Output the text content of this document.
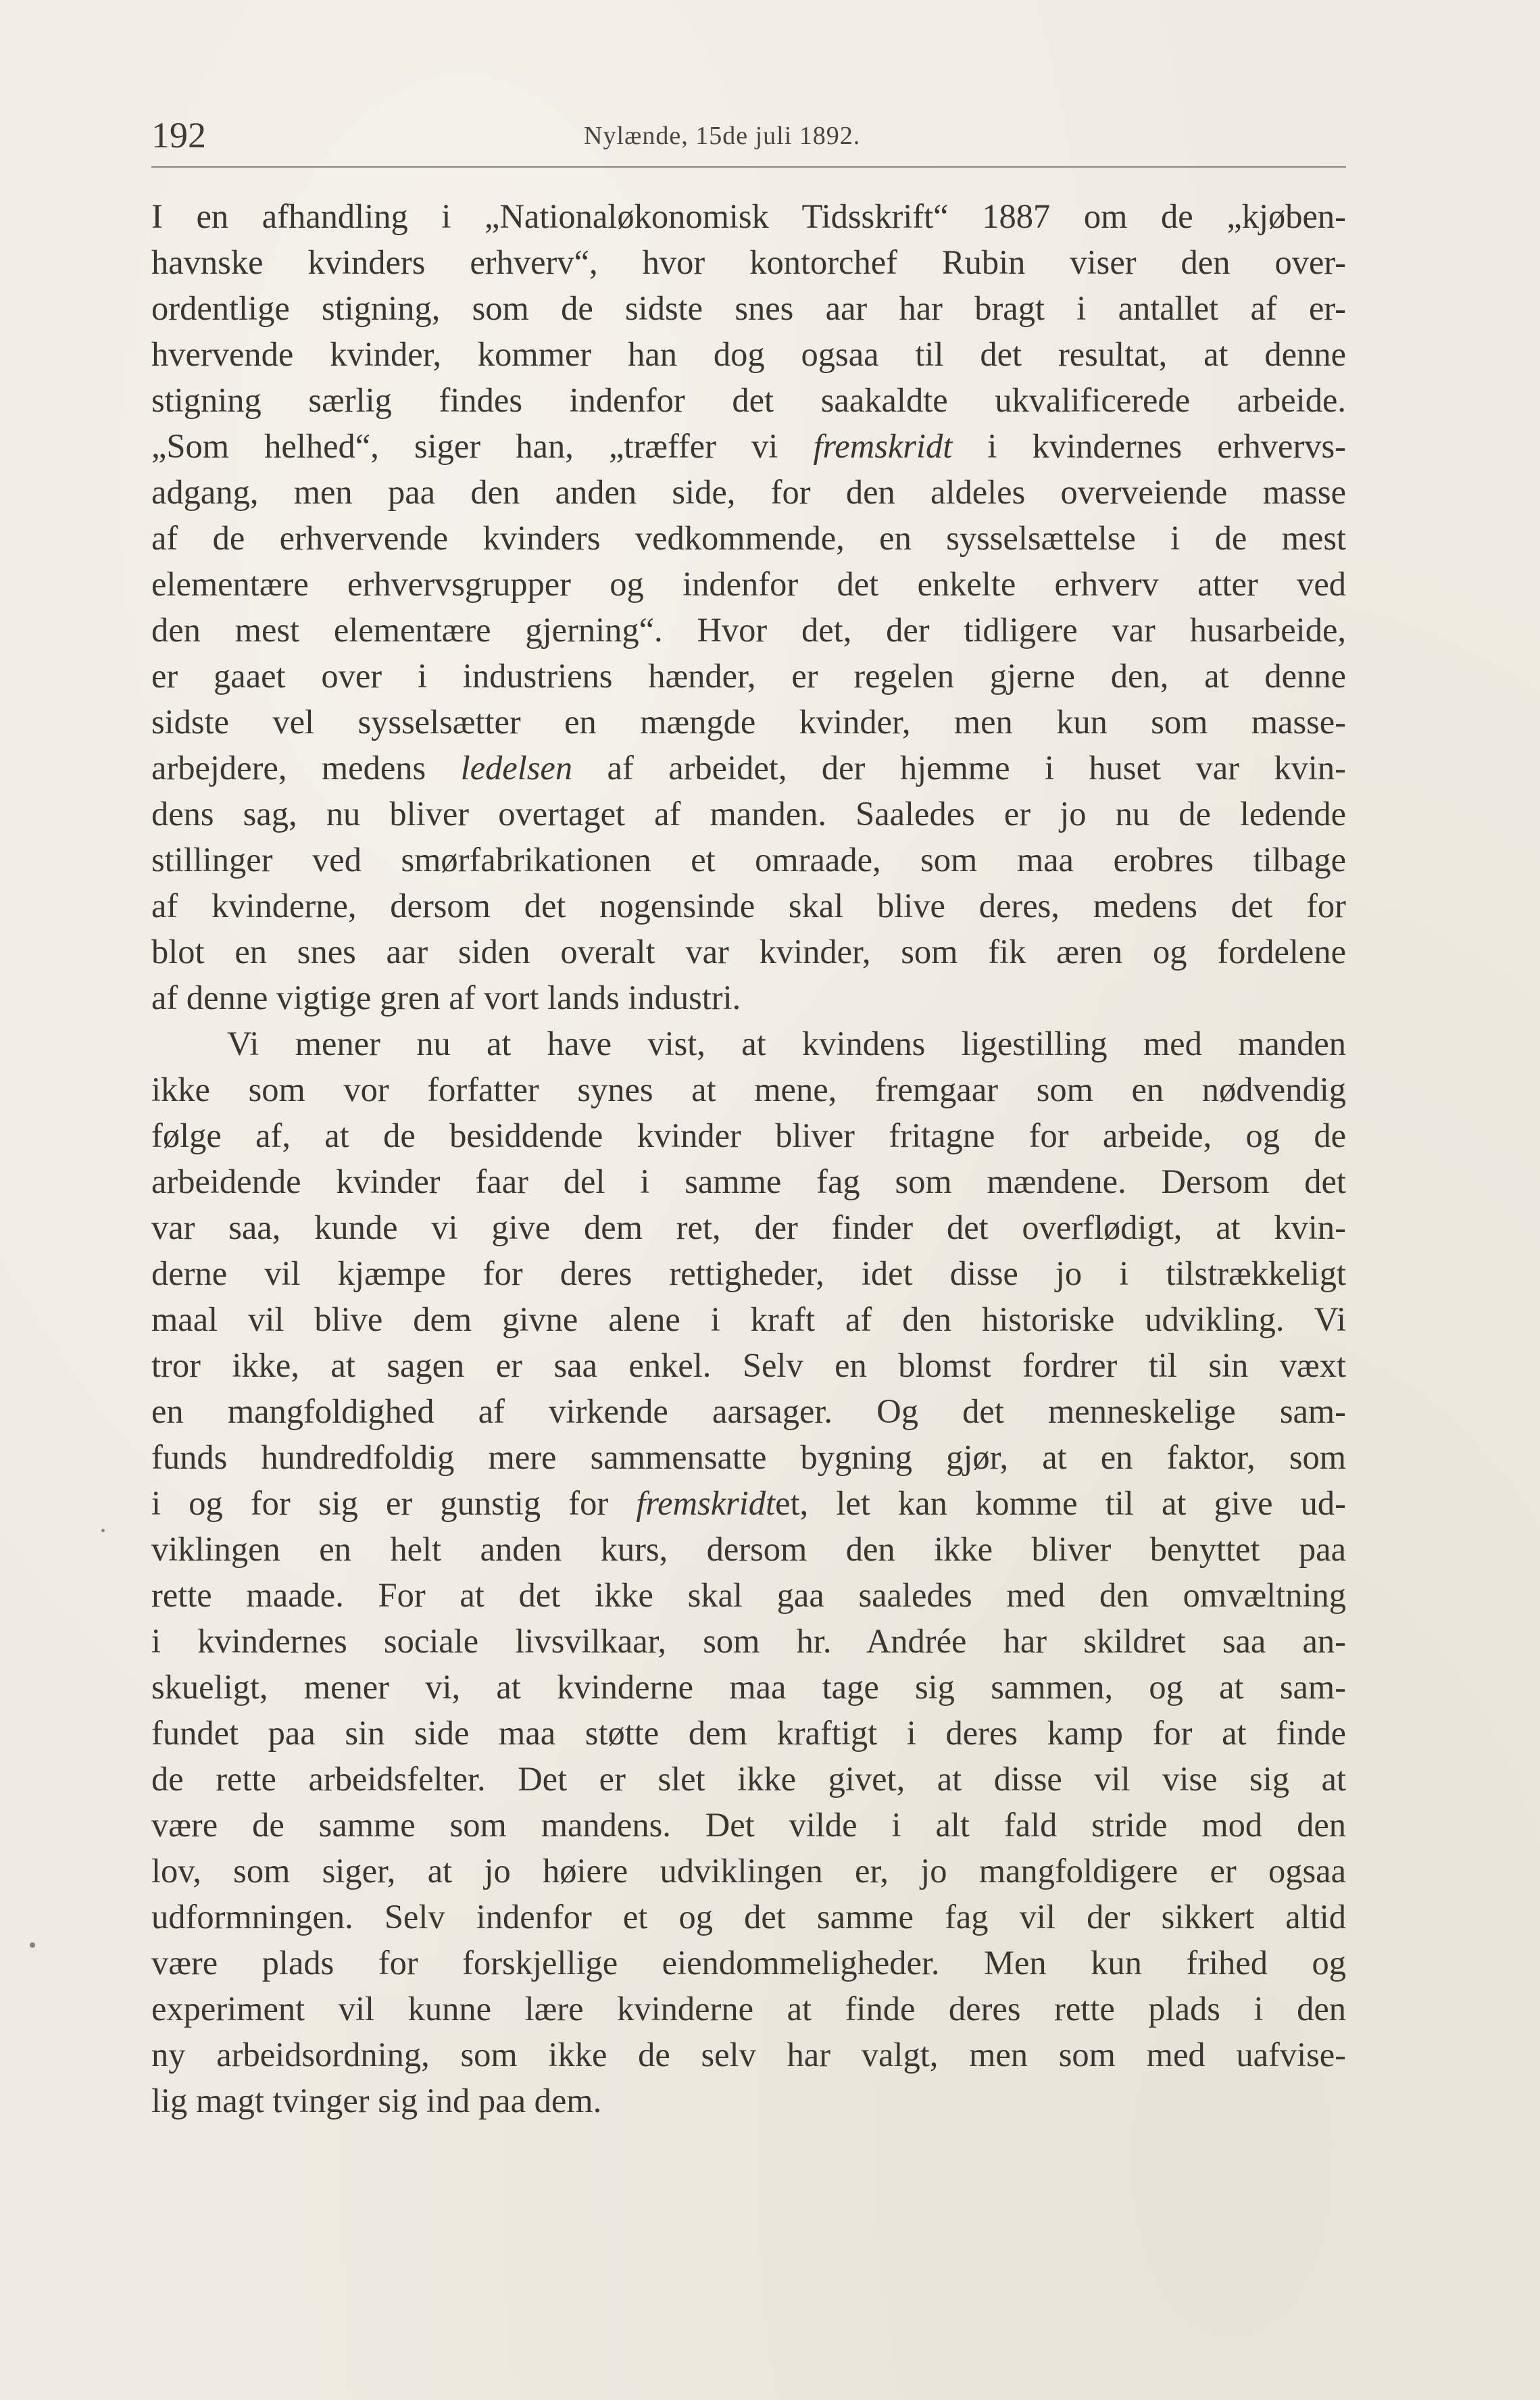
192	Nylænde, 15de juli 1892.
I en afhandling i „Nationaløkonomisk Tidsskrift“ 1887 om de „kjøben-
havnske kvinders erhverv“, hvor kontorchef Rubin viser den over-
ordentlige stigning, som de sidste snes aar har bragt i antallet af er-
hvervende kvinder, kommer han dog ogsaa til det resultat, at denne
stigning særlig findes indenfor det saakaldte ukvalificerede arbeide.
„Som helhed“, siger han, „træffer vi fremskridt i kvindernes erhvervs-
adgang, men paa den anden side, for den aldeles overveiende masse
af de erhvervende kvinders vedkommende, en sysselsættelse i de mest
elementære erhvervsgrupper og indenfor det enkelte erhverv atter ved
den mest elementære gjerning“. Hvor det, der tidligere var husarbeide,
er gaaet over i industriens hænder, er regelen gjerne den, at denne
sidste vel sysselsætter en mængde kvinder, men kun som masse-
arbejdere, medens ledelsen af arbeidet, der hjemme i huset var kvin-
dens sag, nu bliver overtaget af manden. Saaledes er jo nu de ledende
stillinger ved smørfabrikationen et omraade, som maa erobres tilbage
af kvinderne, dersom det nogensinde skal blive deres, medens det for
blot en snes aar siden overalt var kvinder, som fik æren og fordelene
af denne vigtige gren af vort lands industri.
Vi mener nu at have vist, at kvindens ligestilling med manden
ikke som vor forfatter synes at mene, fremgaar som en nødvendig
følge af, at de besiddende kvinder bliver fritagne for arbeide, og de
arbeidende kvinder faar del i samme fag som mændene. Dersom det
var saa, kunde vi give dem ret, der finder det overflødigt, at kvin-
derne vil kjæmpe for deres rettigheder, idet disse jo i tilstrækkeligt
maal vil blive dem givne alene i kraft af den historiske udvikling. Vi
tror ikke, at sagen er saa enkel. Selv en blomst fordrer til sin væxt
en mangfoldighed af virkende aarsager. Og det menneskelige sam-
funds hundredfoldig mere sammensatte bygning gjør, at en faktor, som
i og for sig er gunstig for fremskridtet, let kan komme til at give ud-
viklingen en helt anden kurs, dersom den ikke bliver benyttet paa
rette maade. For at det ikke skal gaa saaledes med den omvæltning
i kvindernes sociale livsvilkaar, som hr. Andrée har skildret saa an-
skueligt, mener vi, at kvinderne maa tage sig sammen, og at sam-
fundet paa sin side maa støtte dem kraftigt i deres kamp for at finde
de rette arbeidsfelter. Det er slet ikke givet, at disse vil vise sig at
være de samme som mandens. Det vilde i alt fald stride mod den
lov, som siger, at jo høiere udviklingen er, jo mangfoldigere er ogsaa
udformningen. Selv indenfor et og det samme fag vil der sikkert altid
være plads for forskjellige eiendommeligheder. Men kun frihed og
experiment vil kunne lære kvinderne at finde deres rette plads i den
ny arbeidsordning, som ikke de selv har valgt, men som med uafvise-
lig magt tvinger sig ind paa dem.
